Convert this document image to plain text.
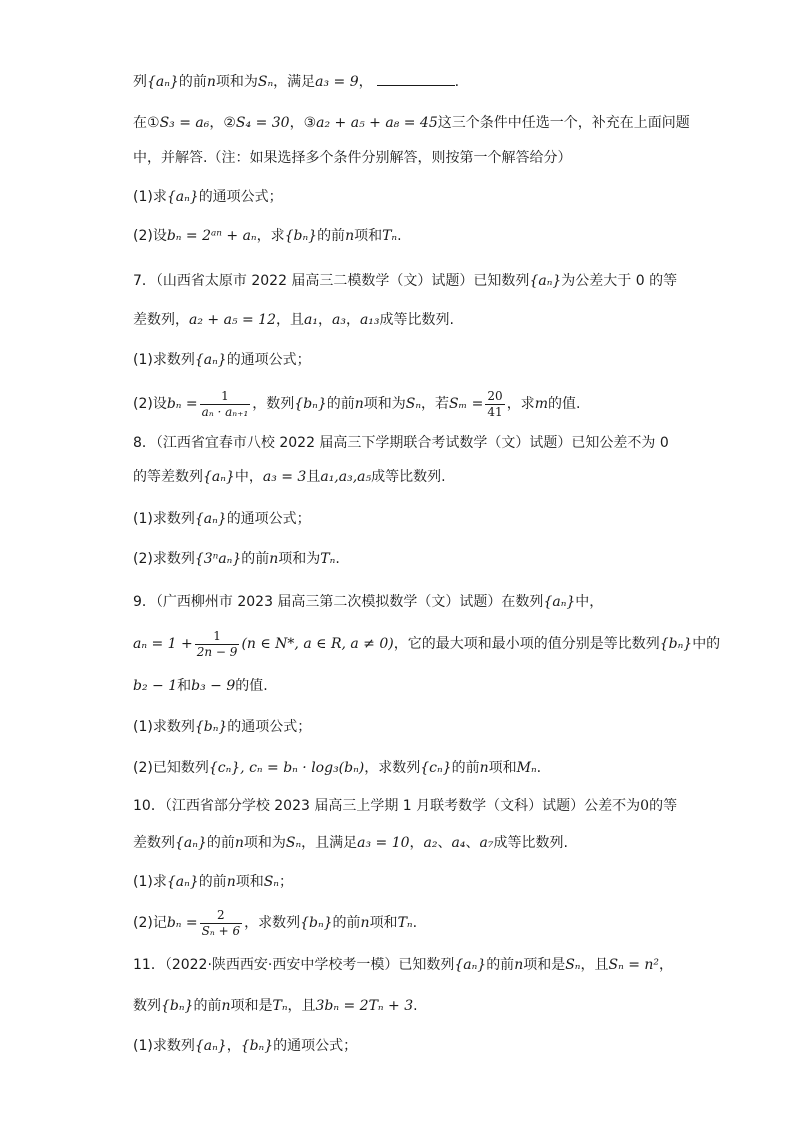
列{aₙ}的前n项和为Sₙ，满足a₃ = 9，	.
在①S₃ = a₆，②S₄ = 30，③a₂ + a₅ + a₈ = 45这三个条件中任选一个，补充在上面问题
中，并解答.（注：如果选择多个条件分别解答，则按第一个解答给分）
(1)求{aₙ}的通项公式；
(2)设bₙ = 2ᵃⁿ + aₙ，求{bₙ}的前n项和Tₙ.
7．（山西省太原市 2022 届高三二模数学（文）试题）已知数列{aₙ}为公差大于 0 的等
差数列，a₂ + a₅ = 12，且a₁，a₃，a₁₃成等比数列.
(1)求数列{aₙ}的通项公式；
(2)设$b_n = \frac{1}{\text{aₙ · aₙ₊₁}}$ ，数列{bₙ}的前n项和为Sₙ，若$S_m = \frac{20}{41}$ ，求m的值.
8．（江西省宜春市八校 2022 届高三下学期联合考试数学（文）试题）已知公差不为 0
的等差数列{aₙ}中，a₃ = 3且a₁,a₃,a₅成等比数列.
(1)求数列{aₙ}的通项公式；
(2)求数列{3ⁿaₙ}的前n项和为Tₙ.
9．（广西柳州市 2023 届高三第二次模拟数学（文）试题）在数列{aₙ}中，
$a_n = 1 + \frac{1}{2n - 9} (n$ ∈ N*, a ∈ R, a ≠ 0)，它的最大项和最小项的值分别是等比数列{bₙ}中的
b₂ − 1和b₃ − 9的值.
(1)求数列{bₙ}的通项公式；
(2)已知数列{cₙ}, cₙ = bₙ · log₃(bₙ)，求数列{cₙ}的前n项和Mₙ.
10．（江西省部分学校 2023 届高三上学期 1 月联考数学（文科）试题）公差不为0的等
差数列{aₙ}的前n项和为Sₙ，且满足a₃ = 10，a₂、a₄、a₇成等比数列.
(1)求{aₙ}的前n项和Sₙ；
(2)记$b_n = \frac{2}{\text{Sₙ + 6}}$ ，求数列{bₙ}的前n项和Tₙ.
11．（2022·陕西西安·西安中学校考一模）已知数列{aₙ}的前n项和是Sₙ，且Sₙ = n²，
数列{bₙ}的前n项和是Tₙ，且3bₙ = 2Tₙ + 3.
(1)求数列{aₙ}，{bₙ}的通项公式；
